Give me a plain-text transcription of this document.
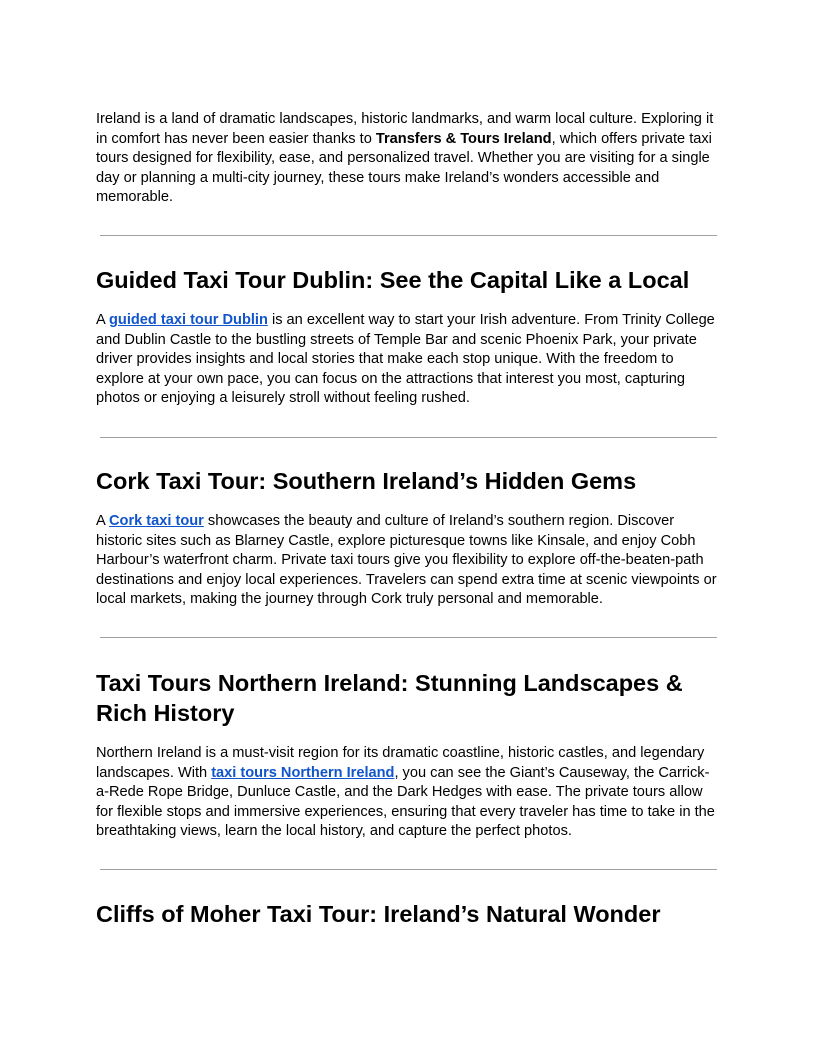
Ireland is a land of dramatic landscapes, historic landmarks, and warm local culture. Exploring it in comfort has never been easier thanks to Transfers & Tours Ireland, which offers private taxi tours designed for flexibility, ease, and personalized travel. Whether you are visiting for a single day or planning a multi-city journey, these tours make Ireland’s wonders accessible and memorable.

Guided Taxi Tour Dublin: See the Capital Like a Local

A guided taxi tour Dublin is an excellent way to start your Irish adventure. From Trinity College and Dublin Castle to the bustling streets of Temple Bar and scenic Phoenix Park, your private driver provides insights and local stories that make each stop unique. With the freedom to explore at your own pace, you can focus on the attractions that interest you most, capturing photos or enjoying a leisurely stroll without feeling rushed.

Cork Taxi Tour: Southern Ireland’s Hidden Gems

A Cork taxi tour showcases the beauty and culture of Ireland’s southern region. Discover historic sites such as Blarney Castle, explore picturesque towns like Kinsale, and enjoy Cobh Harbour’s waterfront charm. Private taxi tours give you flexibility to explore off-the-beaten-path destinations and enjoy local experiences. Travelers can spend extra time at scenic viewpoints or local markets, making the journey through Cork truly personal and memorable.

Taxi Tours Northern Ireland: Stunning Landscapes & Rich History

Northern Ireland is a must-visit region for its dramatic coastline, historic castles, and legendary landscapes. With taxi tours Northern Ireland, you can see the Giant’s Causeway, the Carrick-a-Rede Rope Bridge, Dunluce Castle, and the Dark Hedges with ease. The private tours allow for flexible stops and immersive experiences, ensuring that every traveler has time to take in the breathtaking views, learn the local history, and capture the perfect photos.

Cliffs of Moher Taxi Tour: Ireland’s Natural Wonder
